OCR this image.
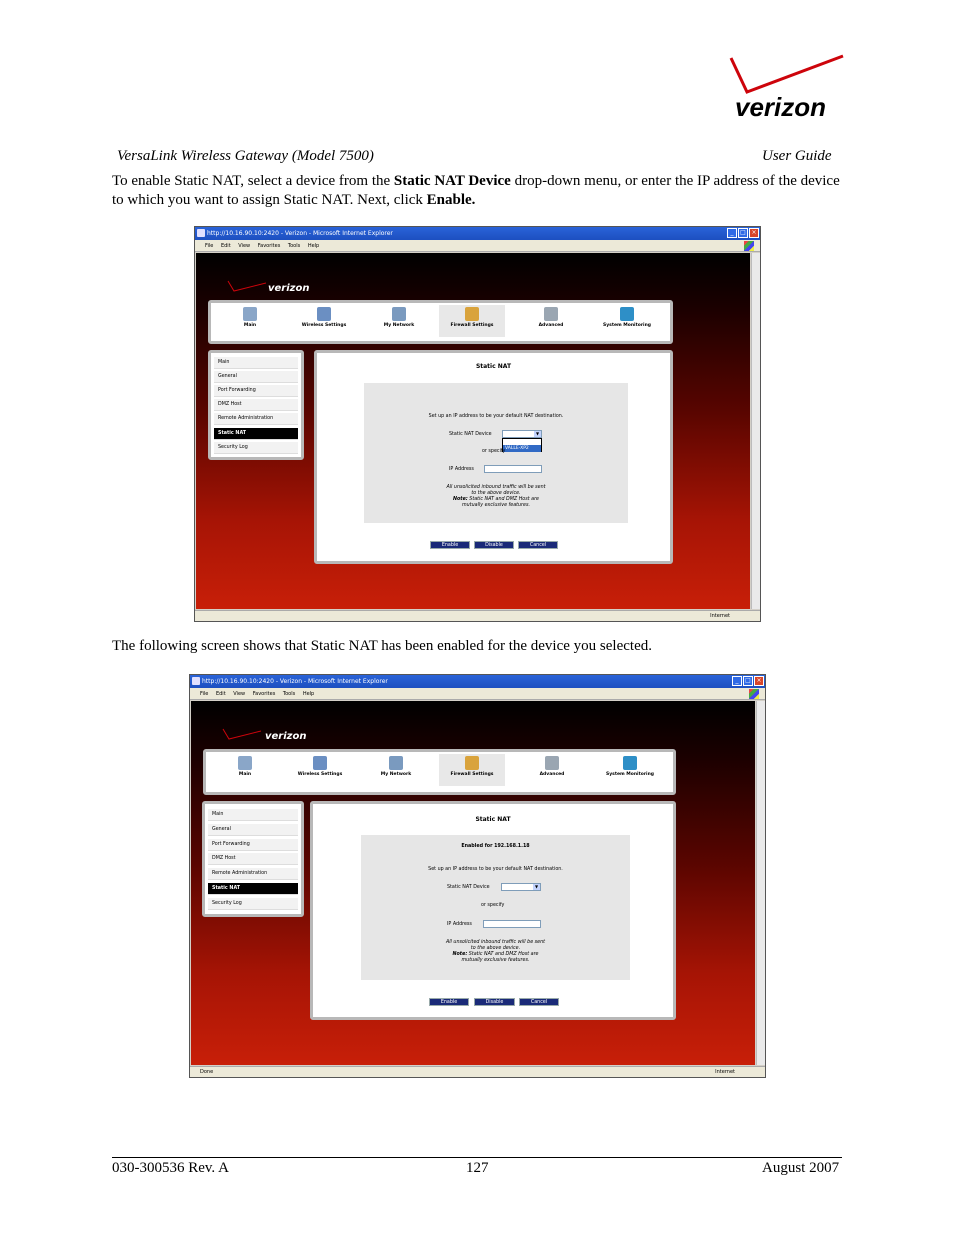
verizon
VersaLink Wireless Gateway (Model 7500)	User Guide
To enable Static NAT, select a device from the Static NAT Device drop-down menu, or enter the IP address of the device to which you want to assign Static NAT. Next, click Enable.
http://10.16.90.10:2420 - Verizon - Microsoft Internet Explorer	_	□ ×
File Edit View Favorites Tools Help
verizon
Main	Wireless Settings	My Network	Firewall Settings	Advanced	System Monitoring
Main
General
Port Forwarding
DMZ Host
Remote Administration
Static NAT
Security Log
Static NAT
Set up an IP address to be your default NAT destination.
Static NAT Device	▼
VALLE-XP2
or specify
IP Address
All unsolicited inbound traffic will be sent
to the above device.
Note: Static NAT and DMZ Host are
mutually exclusive features.
Enable	Disable	Cancel
Internet
The following screen shows that Static NAT has been enabled for the device you selected.
http://10.16.90.10:2420 - Verizon - Microsoft Internet Explorer	_	□ ×
File Edit View Favorites Tools Help
verizon
Main	Wireless Settings	My Network	Firewall Settings	Advanced	System Monitoring
Main
General
Port Forwarding
DMZ Host
Remote Administration
Static NAT
Security Log
Static NAT
Enabled for 192.168.1.18
Set up an IP address to be your default NAT destination.
Static NAT Device	▼
or specify
IP Address
All unsolicited inbound traffic will be sent
to the above device.
Note: Static NAT and DMZ Host are
mutually exclusive features.
Enable	Disable	Cancel
Done	Internet
030-300536 Rev. A	127	August 2007
